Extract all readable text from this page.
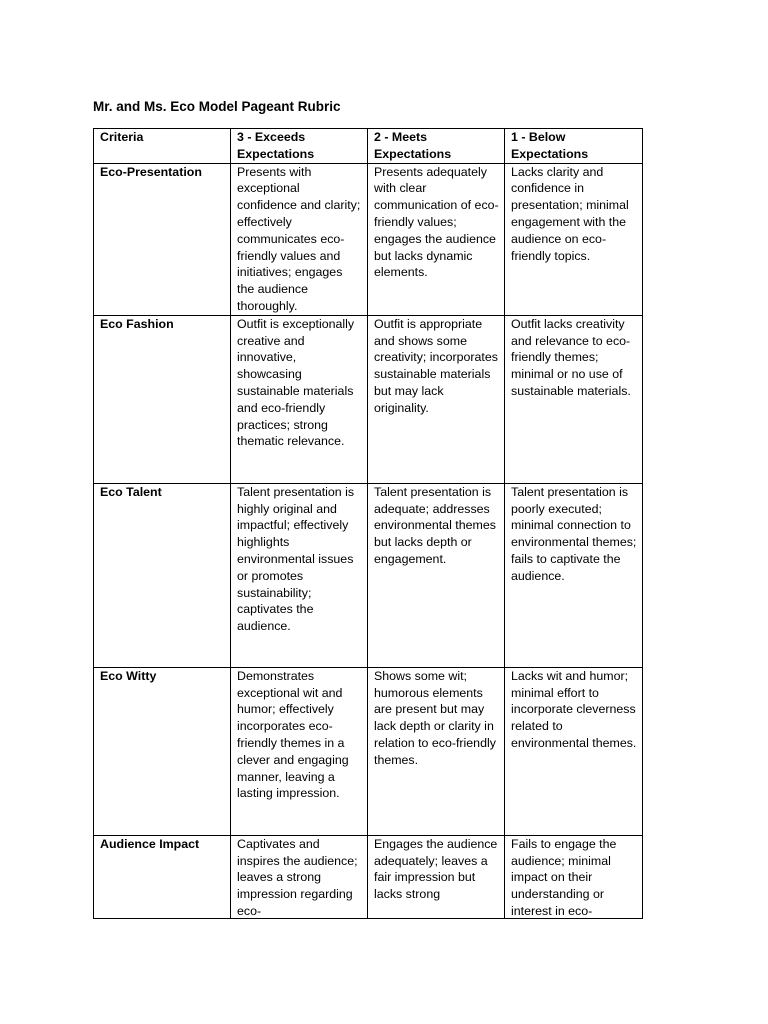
Mr. and Ms. Eco Model Pageant Rubric
Criteria	3 - Exceeds Expectations	2 - Meets Expectations	1 - Below Expectations
Eco-Presentation	Presents with exceptional confidence and clarity; effectively communicates eco-friendly values and initiatives; engages the audience thoroughly.	Presents adequately with clear communication of eco-friendly values; engages the audience but lacks dynamic elements.	Lacks clarity and confidence in presentation; minimal engagement with the audience on eco-friendly topics.
Eco Fashion	Outfit is exceptionally creative and innovative, showcasing sustainable materials and eco-friendly practices; strong thematic relevance.	Outfit is appropriate and shows some creativity; incorporates sustainable materials but may lack originality.	Outfit lacks creativity and relevance to eco-friendly themes; minimal or no use of sustainable materials.
Eco Talent	Talent presentation is highly original and impactful; effectively highlights environmental issues or promotes sustainability; captivates the audience.	Talent presentation is adequate; addresses environmental themes but lacks depth or engagement.	Talent presentation is poorly executed; minimal connection to environmental themes; fails to captivate the audience.
Eco Witty	Demonstrates exceptional wit and humor; effectively incorporates eco-friendly themes in a clever and engaging manner, leaving a lasting impression.	Shows some wit; humorous elements are present but may lack depth or clarity in relation to eco-friendly themes.	Lacks wit and humor; minimal effort to incorporate cleverness related to environmental themes.

Audience Impact	Captivates and inspires the audience; leaves a strong impression regarding eco-	Engages the audience adequately; leaves a fair impression but lacks strong	Fails to engage the audience; minimal impact on their understanding or interest in eco-
